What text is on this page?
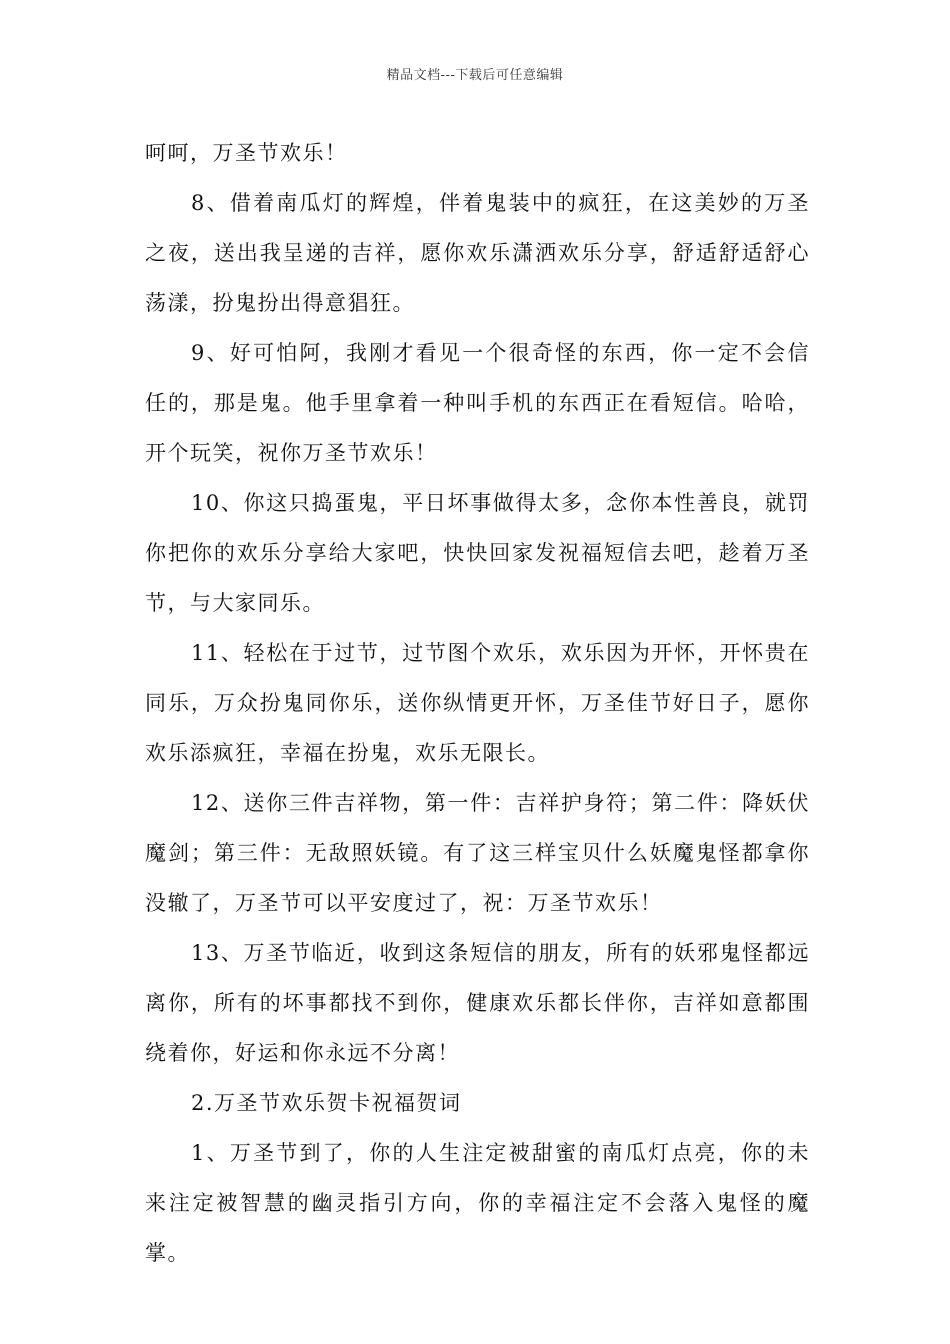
精品文档---下载后可任意编辑

呵呵，万圣节欢乐！

8、借着南瓜灯的辉煌，伴着鬼装中的疯狂，在这美妙的万圣之夜，送出我呈递的吉祥，愿你欢乐潇洒欢乐分享，舒适舒适舒心荡漾，扮鬼扮出得意猖狂。

9、好可怕阿，我刚才看见一个很奇怪的东西，你一定不会信任的，那是鬼。他手里拿着一种叫手机的东西正在看短信。哈哈，开个玩笑，祝你万圣节欢乐！

10、你这只捣蛋鬼，平日坏事做得太多，念你本性善良，就罚你把你的欢乐分享给大家吧，快快回家发祝福短信去吧，趁着万圣节，与大家同乐。

11、轻松在于过节，过节图个欢乐，欢乐因为开怀，开怀贵在同乐，万众扮鬼同你乐，送你纵情更开怀，万圣佳节好日子，愿你欢乐添疯狂，幸福在扮鬼，欢乐无限长。

12、送你三件吉祥物，第一件：吉祥护身符；第二件：降妖伏魔剑；第三件：无敌照妖镜。有了这三样宝贝什么妖魔鬼怪都拿你没辙了，万圣节可以平安度过了，祝：万圣节欢乐！

13、万圣节临近，收到这条短信的朋友，所有的妖邪鬼怪都远离你，所有的坏事都找不到你，健康欢乐都长伴你，吉祥如意都围绕着你，好运和你永远不分离！

2.万圣节欢乐贺卡祝福贺词

1、万圣节到了，你的人生注定被甜蜜的南瓜灯点亮，你的未来注定被智慧的幽灵指引方向，你的幸福注定不会落入鬼怪的魔掌。
